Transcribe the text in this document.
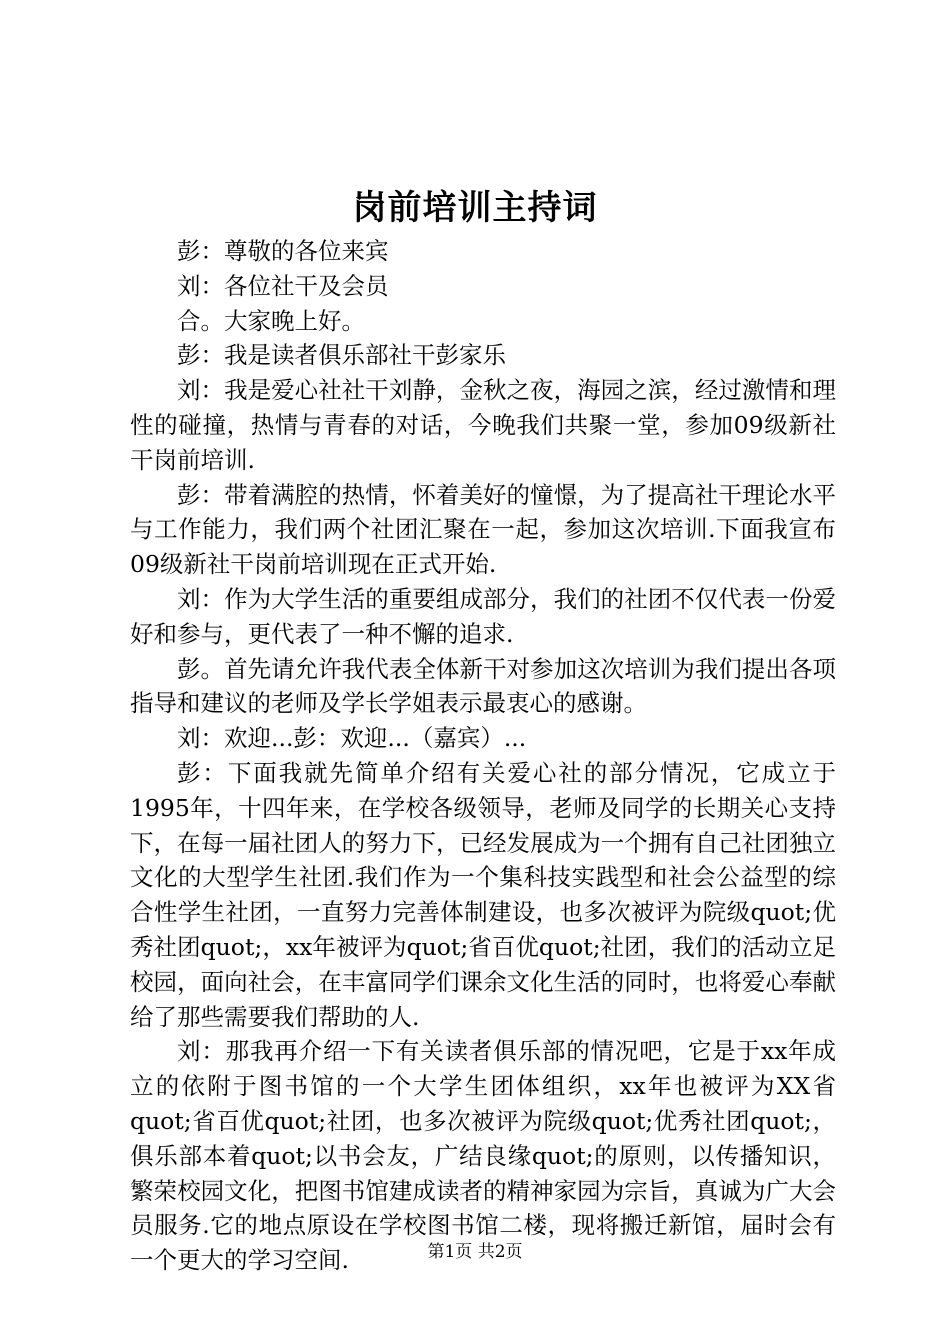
岗前培训主持词

彭：尊敬的各位来宾

刘：各位社干及会员

合。大家晚上好。

彭：我是读者俱乐部社干彭家乐

刘：我是爱心社社干刘静，金秋之夜，海园之滨，经过激情和理性的碰撞，热情与青春的对话，今晚我们共聚一堂，参加09级新社干岗前培训.

彭：带着满腔的热情，怀着美好的憧憬，为了提高社干理论水平与工作能力，我们两个社团汇聚在一起，参加这次培训.下面我宣布09级新社干岗前培训现在正式开始.

刘：作为大学生活的重要组成部分，我们的社团不仅代表一份爱好和参与，更代表了一种不懈的追求.

彭。首先请允许我代表全体新干对参加这次培训为我们提出各项指导和建议的老师及学长学姐表示最衷心的感谢。

刘：欢迎...彭：欢迎...（嘉宾）...

彭：下面我就先简单介绍有关爱心社的部分情况，它成立于1995年，十四年来，在学校各级领导，老师及同学的长期关心支持下，在每一届社团人的努力下，已经发展成为一个拥有自己社团独立文化的大型学生社团.我们作为一个集科技实践型和社会公益型的综合性学生社团，一直努力完善体制建设，也多次被评为院级quot;优秀社团quot;，xx年被评为quot;省百优quot;社团，我们的活动立足校园，面向社会，在丰富同学们课余文化生活的同时，也将爱心奉献给了那些需要我们帮助的人.

刘：那我再介绍一下有关读者俱乐部的情况吧，它是于xx年成立的依附于图书馆的一个大学生团体组织，xx年也被评为XX省quot;省百优quot;社团，也多次被评为院级quot;优秀社团quot;，俱乐部本着quot;以书会友，广结良缘quot;的原则，以传播知识，繁荣校园文化，把图书馆建成读者的精神家园为宗旨，真诚为广大会员服务.它的地点原设在学校图书馆二楼，现将搬迁新馆，届时会有一个更大的学习空间.	第1页 共2页
